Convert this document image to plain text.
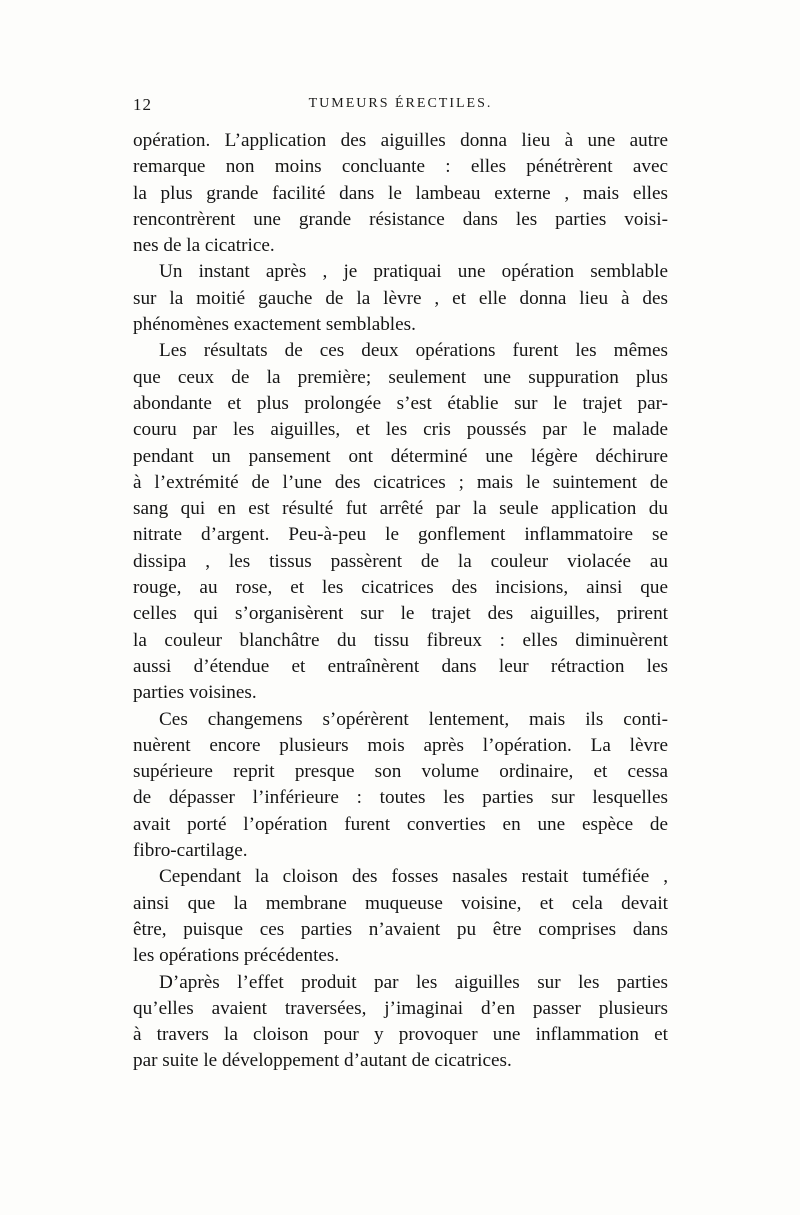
12	TUMEURS ÉRECTILES.
opération. L’application des aiguilles donna lieu à une autre
remarque non moins concluante : elles pénétrèrent avec
la plus grande facilité dans le lambeau externe , mais elles
rencontrèrent une grande résistance dans les parties voisi-
nes de la cicatrice.
Un instant après , je pratiquai une opération semblable
sur la moitié gauche de la lèvre , et elle donna lieu à des
phénomènes exactement semblables.
Les résultats de ces deux opérations furent les mêmes
que ceux de la première; seulement une suppuration plus
abondante et plus prolongée s’est établie sur le trajet par-
couru par les aiguilles, et les cris poussés par le malade
pendant un pansement ont déterminé une légère déchirure
à l’extrémité de l’une des cicatrices ; mais le suintement de
sang qui en est résulté fut arrêté par la seule application du
nitrate d’argent. Peu-à-peu le gonflement inflammatoire se
dissipa , les tissus passèrent de la couleur violacée au
rouge, au rose, et les cicatrices des incisions, ainsi que
celles qui s’organisèrent sur le trajet des aiguilles, prirent
la couleur blanchâtre du tissu fibreux : elles diminuèrent
aussi d’étendue et entraînèrent dans leur rétraction les
parties voisines.
Ces changemens s’opérèrent lentement, mais ils conti-
nuèrent encore plusieurs mois après l’opération. La lèvre
supérieure reprit presque son volume ordinaire, et cessa
de dépasser l’inférieure : toutes les parties sur lesquelles
avait porté l’opération furent converties en une espèce de
fibro-cartilage.
Cependant la cloison des fosses nasales restait tuméfiée ,
ainsi que la membrane muqueuse voisine, et cela devait
être, puisque ces parties n’avaient pu être comprises dans
les opérations précédentes.
D’après l’effet produit par les aiguilles sur les parties
qu’elles avaient traversées, j’imaginai d’en passer plusieurs
à travers la cloison pour y provoquer une inflammation et
par suite le développement d’autant de cicatrices.
